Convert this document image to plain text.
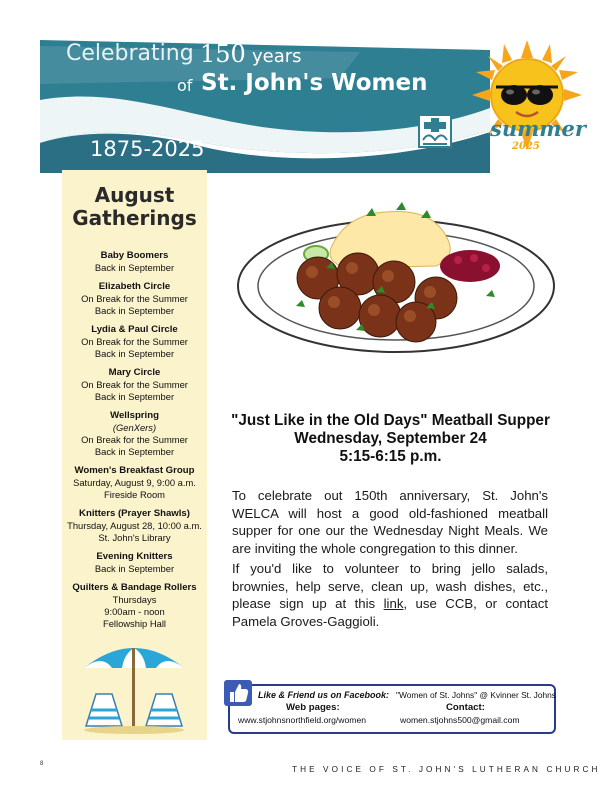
Celebrating 150 years
of St. John's Women
the
Women's page
1875-2025
summer
2025
August Gatherings
Baby Boomers
Back in September
Elizabeth Circle
On Break for the Summer
Back in September
Lydia & Paul Circle
On Break for the Summer
Back in September
Mary Circle
On Break for the Summer
Back in September
Wellspring
(GenXers)
On Break for the Summer
Back in September
Women's Breakfast Group
Saturday, August 9, 9:00 a.m.
Fireside Room
Knitters (Prayer Shawls)
Thursday, August 28, 10:00 a.m.
St. John's Library
Evening Knitters
Back in September
Quilters & Bandage Rollers
Thursdays
9:00am - noon
Fellowship Hall
"Just Like in the Old Days" Meatball Supper
Wednesday, September 24
5:15-6:15 p.m.
To celebrate out 150th anniversary, St. John's WELCA will host a good old-fashioned meatball supper for one our the Wednesday Night Meals. We are inviting the whole congregation to this dinner.
If you'd like to volunteer to bring jello salads, brownies, help serve, clean up, wash dishes, etc., please sign up at this link, use CCB, or contact Pamela Groves-Gaggioli.
Like & Friend us on Facebook: "Women of St. Johns" @ Kvinner St. Johns
Web pages:	Contact:
www.stjohnsnorthfield.org/women	women.stjohns500@gmail.com
8
THE VOICE OF ST. JOHN'S LUTHERAN CHURCH
